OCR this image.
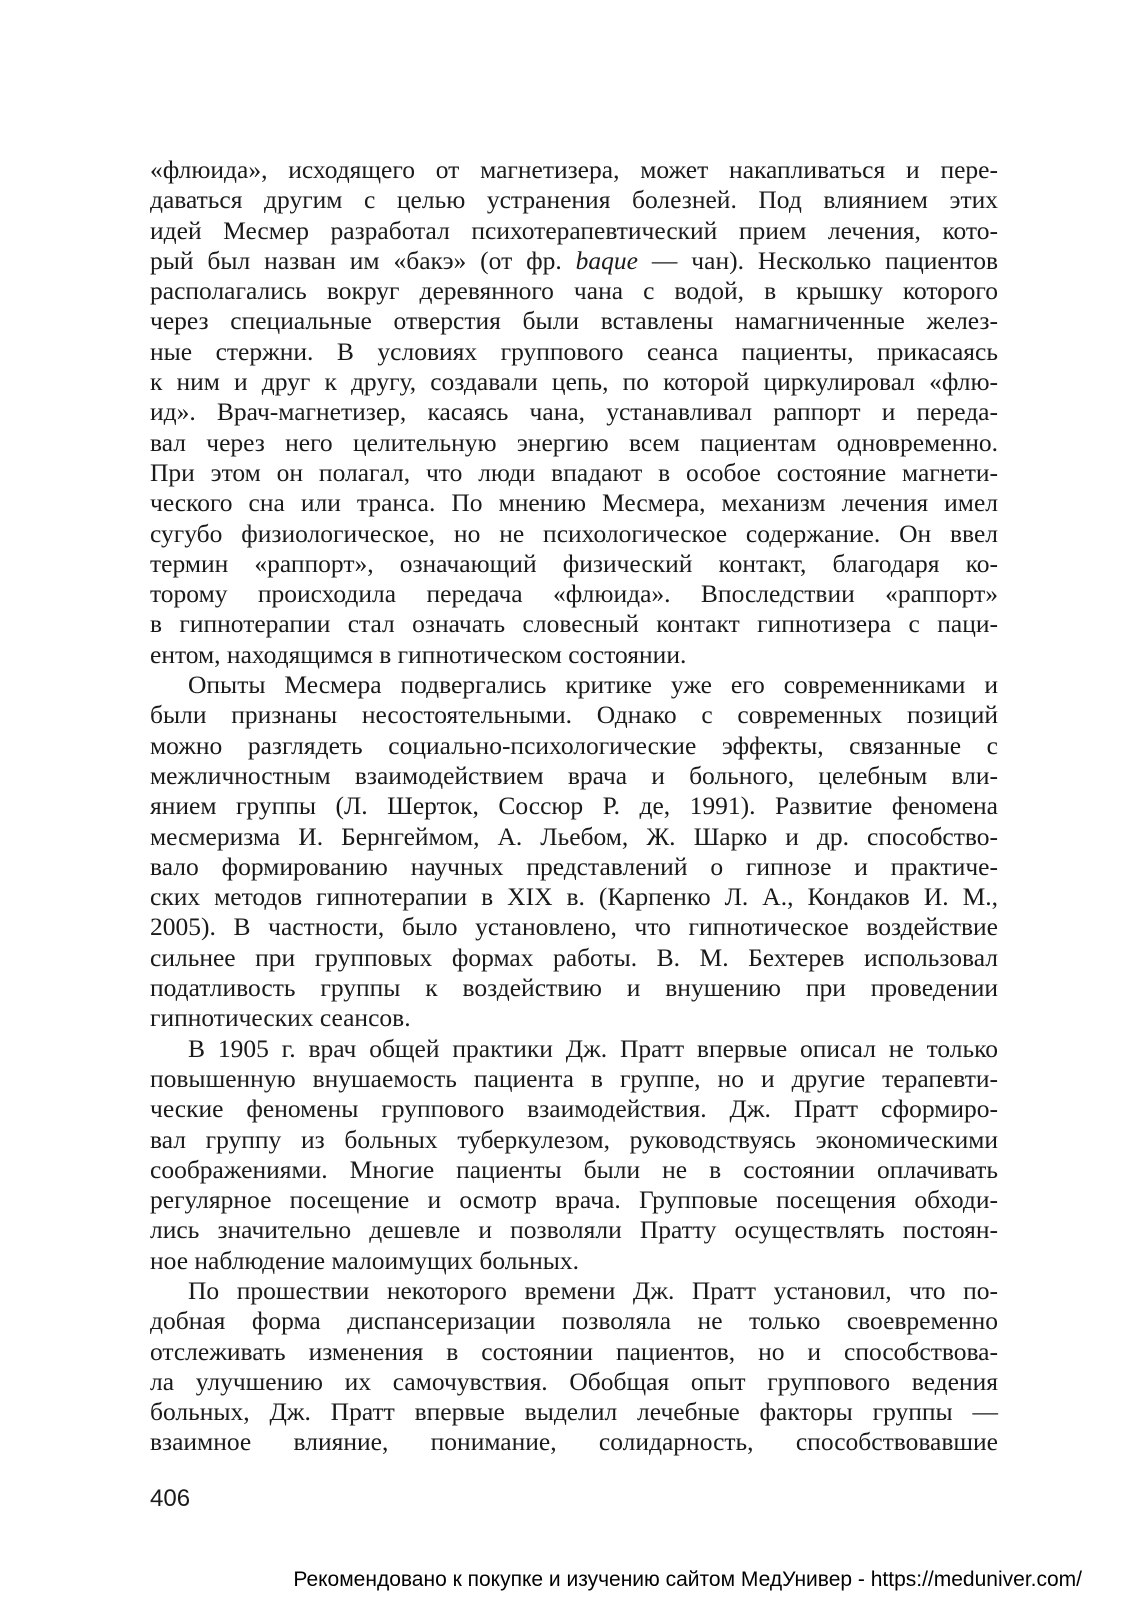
«флюида», исходящего от магнетизера, может накапливаться и пере-
даваться другим с целью устранения болезней. Под влиянием этих
идей Месмер разработал психотерапевтический прием лечения, кото-
рый был назван им «бакэ» (от фр. baque — чан). Несколько пациентов
располагались вокруг деревянного чана с водой, в крышку которого
через специальные отверстия были вставлены намагниченные желез-
ные стержни. В условиях группового сеанса пациенты, прикасаясь
к ним и друг к другу, создавали цепь, по которой циркулировал «флю-
ид». Врач-магнетизер, касаясь чана, устанавливал раппорт и переда-
вал через него целительную энергию всем пациентам одновременно.
При этом он полагал, что люди впадают в особое состояние магнети-
ческого сна или транса. По мнению Месмера, механизм лечения имел
сугубо физиологическое, но не психологическое содержание. Он ввел
термин «раппорт», означающий физический контакт, благодаря ко-
торому происходила передача «флюида». Впоследствии «раппорт»
в гипнотерапии стал означать словесный контакт гипнотизера с паци-
ентом, находящимся в гипнотическом состоянии.
Опыты Месмера подвергались критике уже его современниками и
были признаны несостоятельными. Однако с современных позиций
можно разглядеть социально-психологические эффекты, связанные с
межличностным взаимодействием врача и больного, целебным вли-
янием группы (Л. Шерток, Соссюр Р. де, 1991). Развитие феномена
месмеризма И. Бернгеймом, А. Льебом, Ж. Шарко и др. способство-
вало формированию научных представлений о гипнозе и практиче-
ских методов гипнотерапии в XIX в. (Карпенко Л. А., Кондаков И. М.,
2005). В частности, было установлено, что гипнотическое воздействие
сильнее при групповых формах работы. В. М. Бехтерев использовал
податливость группы к воздействию и внушению при проведении
гипнотических сеансов.
В 1905 г. врач общей практики Дж. Пратт впервые описал не только
повышенную внушаемость пациента в группе, но и другие терапевти-
ческие феномены группового взаимодействия. Дж. Пратт сформиро-
вал группу из больных туберкулезом, руководствуясь экономическими
соображениями. Многие пациенты были не в состоянии оплачивать
регулярное посещение и осмотр врача. Групповые посещения обходи-
лись значительно дешевле и позволяли Пратту осуществлять постоян-
ное наблюдение малоимущих больных.
По прошествии некоторого времени Дж. Пратт установил, что по-
добная форма диспансеризации позволяла не только своевременно
отслеживать изменения в состоянии пациентов, но и способствова-
ла улучшению их самочувствия. Обобщая опыт группового ведения
больных, Дж. Пратт впервые выделил лечебные факторы группы —
взаимное влияние, понимание, солидарность, способствовавшие
406
Рекомендовано к покупке и изучению сайтом МедУнивер - https://meduniver.com/
